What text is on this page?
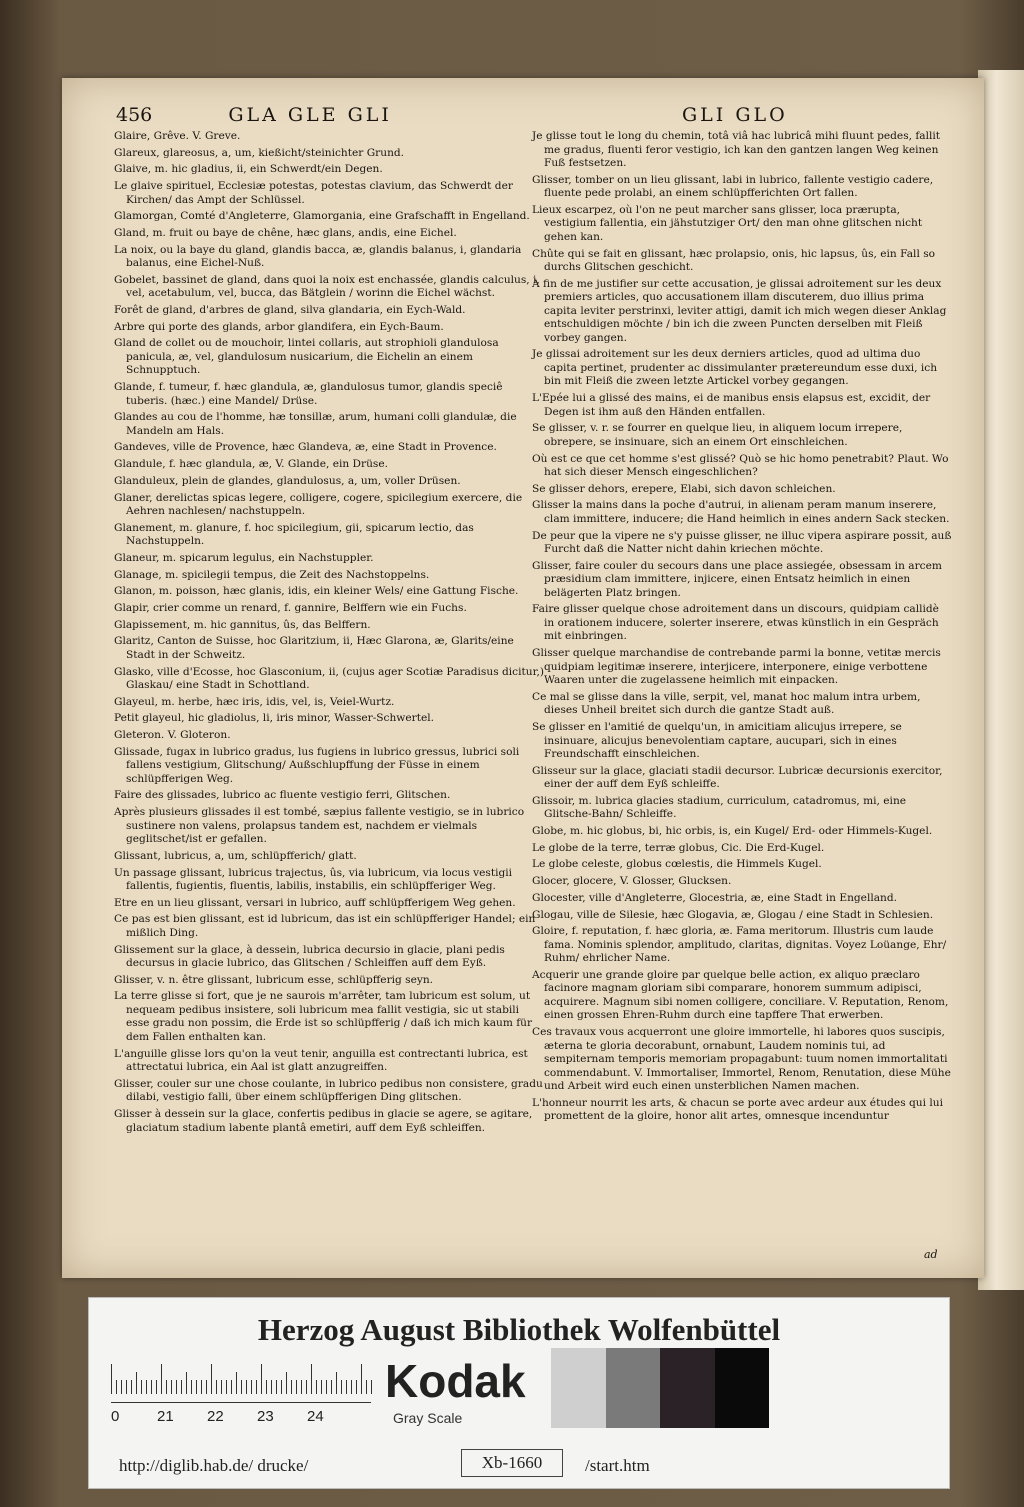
456	GLA GLE GLI	GLI GLO
Glaire, Grêve. V. Greve.
Glareux, glareosus, a, um, kießicht/steinichter Grund.
Glaive, m. hic gladius, ii, ein Schwerdt/ein Degen.
Le glaive spirituel, Ecclesiæ potestas, potestas clavium, das Schwerdt der Kirchen/ das Ampt der Schlüssel.
Glamorgan, Comté d'Angleterre, Glamorgania, eine Grafschafft in Engelland.
Gland, m. fruit ou baye de chêne, hæc glans, andis, eine Eichel.
La noix, ou la baye du gland, glandis bacca, æ, glandis balanus, i, glandaria balanus, eine Eichel-Nuß.
Gobelet, bassinet de gland, dans quoi la noix est enchassée, glandis calculus, i, vel, acetabulum, vel, bucca, das Bätglein / worinn die Eichel wächst.
Forêt de gland, d'arbres de gland, silva glandaria, ein Eych-Wald.
Arbre qui porte des glands, arbor glandifera, ein Eych-Baum.
Gland de collet ou de mouchoir, lintei collaris, aut strophioli glandulosa panicula, æ, vel, glandulosum nusicarium, die Eichelin an einem Schnupptuch.
Glande, f. tumeur, f. hæc glandula, æ, glandulosus tumor, glandis speciê tuberis. (hæc.) eine Mandel/ Drüse.
Glandes au cou de l'homme, hæ tonsillæ, arum, humani colli glandulæ, die Mandeln am Hals.
Gandeves, ville de Provence, hæc Glandeva, æ, eine Stadt in Provence.
Glandule, f. hæc glandula, æ, V. Glande, ein Drüse.
Glanduleux, plein de glandes, glandulosus, a, um, voller Drüsen.
Glaner, derelictas spicas legere, colligere, cogere, spicilegium exercere, die Aehren nachlesen/ nachstuppeln.
Glanement, m. glanure, f. hoc spicilegium, gii, spicarum lectio, das Nachstuppeln.
Glaneur, m. spicarum legulus, ein Nachstuppler.
Glanage, m. spicilegii tempus, die Zeit des Nachstoppelns.
Glanon, m. poisson, hæc glanis, idis, ein kleiner Wels/ eine Gattung Fische.
Glapir, crier comme un renard, f. gannire, Belffern wie ein Fuchs.
Glapissement, m. hic gannitus, ûs, das Belffern.
Glaritz, Canton de Suisse, hoc Glaritzium, ii, Hæc Glarona, æ, Glarits/eine Stadt in der Schweitz.
Glasko, ville d'Ecosse, hoc Glasconium, ii, (cujus ager Scotiæ Paradisus dicitur,) Glaskau/ eine Stadt in Schottland.
Glayeul, m. herbe, hæc iris, idis, vel, is, Veiel-Wurtz.
Petit glayeul, hic gladiolus, li, iris minor, Wasser-Schwertel.
Gleteron. V. Gloteron.
Glissade, fugax in lubrico gradus, lus fugiens in lubrico gressus, lubrici soli fallens vestigium, Glitschung/ Außschlupffung der Füsse in einem schlüpfferigen Weg.
Faire des glissades, lubrico ac fluente vestigio ferri, Glitschen.
Après plusieurs glissades il est tombé, sæpius fallente vestigio, se in lubrico sustinere non valens, prolapsus tandem est, nachdem er vielmals geglitschet/ist er gefallen.
Glissant, lubricus, a, um, schlüpfferich/ glatt.
Un passage glissant, lubricus trajectus, ûs, via lubricum, via locus vestigii fallentis, fugientis, fluentis, labilis, instabilis, ein schlüpfferiger Weg.
Etre en un lieu glissant, versari in lubrico, auff schlüpfferigem Weg gehen.
Ce pas est bien glissant, est id lubricum, das ist ein schlüpfferiger Handel; ein mißlich Ding.
Glissement sur la glace, à dessein, lubrica decursio in glacie, plani pedis decursus in glacie lubrico, das Glitschen / Schleiffen auff dem Eyß.
Glisser, v. n. être glissant, lubricum esse, schlüpfferig seyn.
La terre glisse si fort, que je ne saurois m'arrêter, tam lubricum est solum, ut nequeam pedibus insistere, soli lubricum mea fallit vestigia, sic ut stabili esse gradu non possim, die Erde ist so schlüpfferig / daß ich mich kaum für dem Fallen enthalten kan.
L'anguille glisse lors qu'on la veut tenir, anguilla est contrectanti lubrica, est attrectatui lubrica, ein Aal ist glatt anzugreiffen.
Glisser, couler sur une chose coulante, in lubrico pedibus non consistere, gradu dilabi, vestigio falli, über einem schlüpfferigen Ding glitschen.
Glisser à dessein sur la glace, confertis pedibus in glacie se agere, se agitare, glaciatum stadium labente plantâ emetiri, auff dem Eyß schleiffen.
Je glisse tout le long du chemin, totâ viâ hac lubricâ mihi fluunt pedes, fallit me gradus, fluenti feror vestigio, ich kan den gantzen langen Weg keinen Fuß festsetzen.
Glisser, tomber on un lieu glissant, labi in lubrico, fallente vestigio cadere, fluente pede prolabi, an einem schlüpfferichten Ort fallen.
Lieux escarpez, où l'on ne peut marcher sans glisser, loca prærupta, vestigium fallentia, ein jähstutziger Ort/ den man ohne glitschen nicht gehen kan.
Chûte qui se fait en glissant, hæc prolapsio, onis, hic lapsus, ûs, ein Fall so durchs Glitschen geschicht.
A fin de me justifier sur cette accusation, je glissai adroitement sur les deux premiers articles, quo accusationem illam discuterem, duo illius prima capita leviter perstrinxi, leviter attigi, damit ich mich wegen dieser Anklag entschuldigen möchte / bin ich die zween Puncten derselben mit Fleiß vorbey gangen.
Je glissai adroitement sur les deux derniers articles, quod ad ultima duo capita pertinet, prudenter ac dissimulanter prætereundum esse duxi, ich bin mit Fleiß die zween letzte Artickel vorbey gegangen.
L'Epée lui a glissé des mains, ei de manibus ensis elapsus est, excidit, der Degen ist ihm auß den Händen entfallen.
Se glisser, v. r. se fourrer en quelque lieu, in aliquem locum irrepere, obrepere, se insinuare, sich an einem Ort einschleichen.
Où est ce que cet homme s'est glissé? Quò se hic homo penetrabit? Plaut. Wo hat sich dieser Mensch eingeschlichen?
Se glisser dehors, erepere, Elabi, sich davon schleichen.
Glisser la mains dans la poche d'autrui, in alienam peram manum inserere, clam immittere, inducere; die Hand heimlich in eines andern Sack stecken.
De peur que la vipere ne s'y puisse glisser, ne illuc vipera aspirare possit, auß Furcht daß die Natter nicht dahin kriechen möchte.
Glisser, faire couler du secours dans une place assiegée, obsessam in arcem præsidium clam immittere, injicere, einen Entsatz heimlich in einen belägerten Platz bringen.
Faire glisser quelque chose adroitement dans un discours, quidpiam callidè in orationem inducere, solerter inserere, etwas künstlich in ein Gespräch mit einbringen.
Glisser quelque marchandise de contrebande parmi la bonne, vetitæ mercis quidpiam legitimæ inserere, interjicere, interponere, einige verbottene Waaren unter die zugelassene heimlich mit einpacken.
Ce mal se glisse dans la ville, serpit, vel, manat hoc malum intra urbem, dieses Unheil breitet sich durch die gantze Stadt auß.
Se glisser en l'amitié de quelqu'un, in amicitiam alicujus irrepere, se insinuare, alicujus benevolentiam captare, aucupari, sich in eines Freundschafft einschleichen.
Glisseur sur la glace, glaciati stadii decursor. Lubricæ decursionis exercitor, einer der auff dem Eyß schleiffe.
Glissoir, m. lubrica glacies stadium, curriculum, catadromus, mi, eine Glitsche-Bahn/ Schleiffe.
Globe, m. hic globus, bi, hic orbis, is, ein Kugel/ Erd- oder Himmels-Kugel.
Le globe de la terre, terræ globus, Cic. Die Erd-Kugel.
Le globe celeste, globus cœlestis, die Himmels Kugel.
Glocer, glocere, V. Glosser, Glucksen.
Glocester, ville d'Angleterre, Glocestria, æ, eine Stadt in Engelland.
Glogau, ville de Silesie, hæc Glogavia, æ, Glogau / eine Stadt in Schlesien.
Gloire, f. reputation, f. hæc gloria, æ. Fama meritorum. Illustris cum laude fama. Nominis splendor, amplitudo, claritas, dignitas. Voyez Loüange, Ehr/ Ruhm/ ehrlicher Name.
Acquerir une grande gloire par quelque belle action, ex aliquo præclaro facinore magnam gloriam sibi comparare, honorem summum adipisci, acquirere. Magnum sibi nomen colligere, conciliare. V. Reputation, Renom, einen grossen Ehren-Ruhm durch eine tapffere That erwerben.
Ces travaux vous acquerront une gloire immortelle, hi labores quos suscipis, æterna te gloria decorabunt, ornabunt, Laudem nominis tui, ad sempiternam temporis memoriam propagabunt: tuum nomen immortalitati commendabunt. V. Immortaliser, Immortel, Renom, Renutation, diese Mühe und Arbeit wird euch einen unsterblichen Namen machen.
L'honneur nourrit les arts, & chacun se porte avec ardeur aux études qui lui promettent de la gloire, honor alit artes, omnesque incenduntur
ad
Herzog August Bibliothek Wolfenbüttel
0	21 22 23 24
Kodak
Gray Scale
http://diglib.hab.de/ drucke/	Xb-1660	/start.htm
